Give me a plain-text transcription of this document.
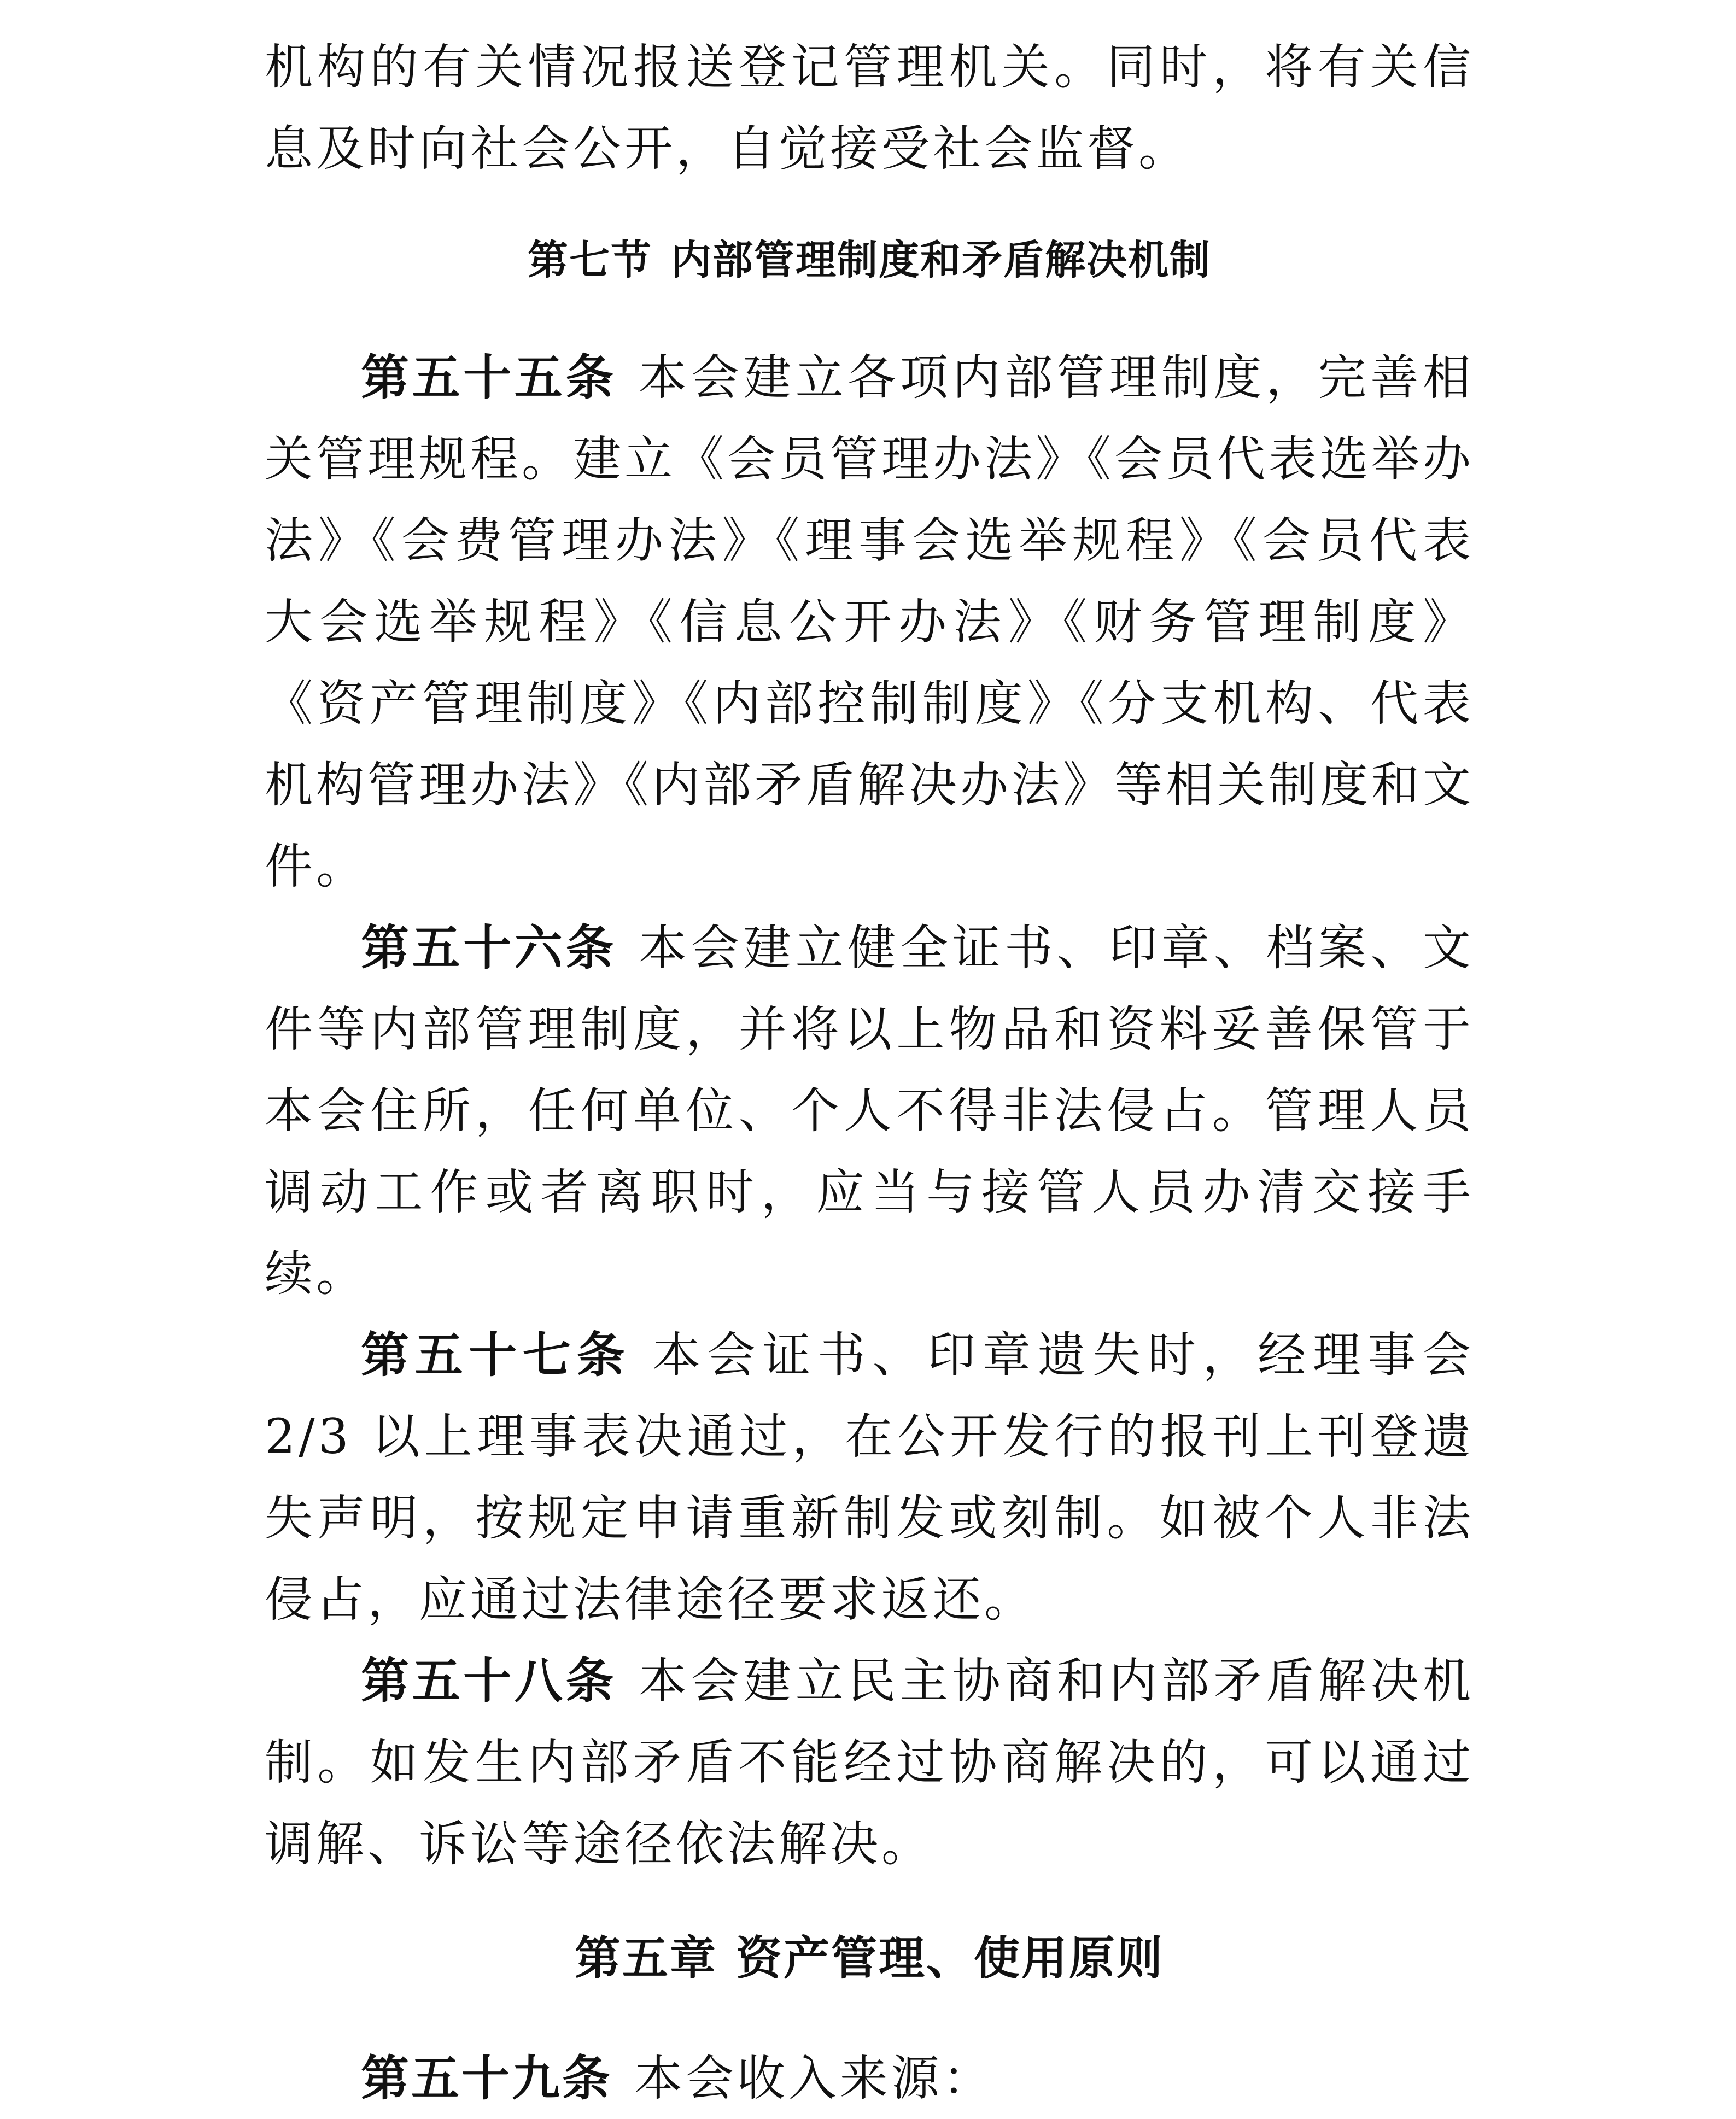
机构的有关情况报送登记管理机关。同时，将有关信息及时向社会公开，自觉接受社会监督。

第七节 内部管理制度和矛盾解决机制

第五十五条 本会建立各项内部管理制度，完善相关管理规程。建立《会员管理办法》《会员代表选举办法》《会费管理办法》《理事会选举规程》《会员代表大会选举规程》《信息公开办法》《财务管理制度》《资产管理制度》《内部控制制度》《分支机构、代表机构管理办法》《内部矛盾解决办法》等相关制度和文件。

第五十六条 本会建立健全证书、印章、档案、文件等内部管理制度，并将以上物品和资料妥善保管于本会住所，任何单位、个人不得非法侵占。管理人员调动工作或者离职时，应当与接管人员办清交接手续。

第五十七条 本会证书、印章遗失时，经理事会 2/3 以上理事表决通过，在公开发行的报刊上刊登遗失声明，按规定申请重新制发或刻制。如被个人非法侵占，应通过法律途径要求返还。

第五十八条 本会建立民主协商和内部矛盾解决机制。如发生内部矛盾不能经过协商解决的，可以通过调解、诉讼等途径依法解决。

第五章 资产管理、使用原则

第五十九条 本会收入来源：
